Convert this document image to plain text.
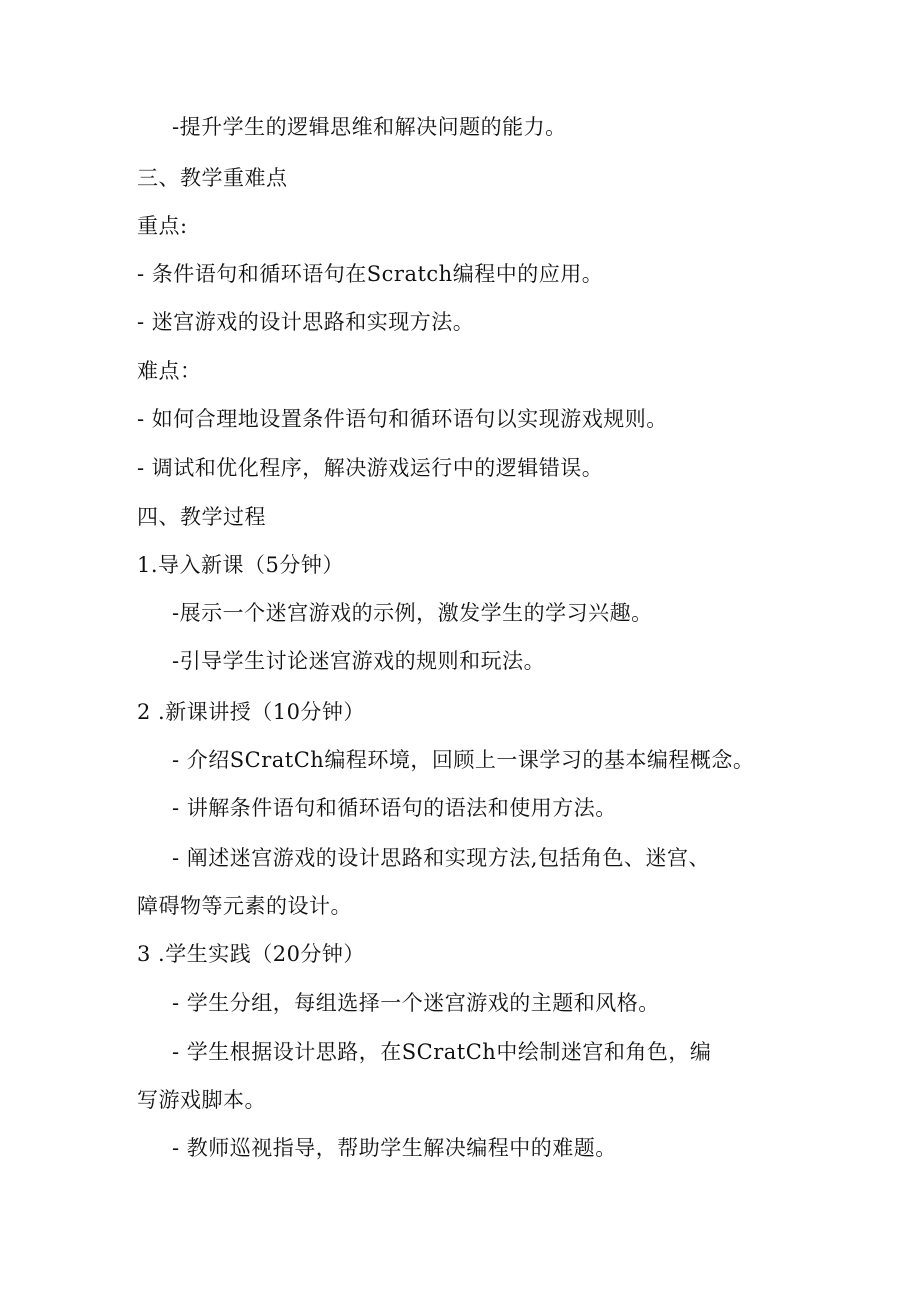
-提升学生的逻辑思维和解决问题的能力。
三、教学重难点
重点:
- 条件语句和循环语句在Scratch编程中的应用。
- 迷宫游戏的设计思路和实现方法。
难点：
- 如何合理地设置条件语句和循环语句以实现游戏规则。
- 调试和优化程序，解决游戏运行中的逻辑错误。
四、教学过程
1.导入新课（5分钟）
-展示一个迷宫游戏的示例，激发学生的学习兴趣。
-引导学生讨论迷宫游戏的规则和玩法。
2 .新课讲授（10分钟）
- 介绍SCratCh编程环境，回顾上一课学习的基本编程概念。
- 讲解条件语句和循环语句的语法和使用方法。
- 阐述迷宫游戏的设计思路和实现方法,包括角色、迷宫、
障碍物等元素的设计。
3 .学生实践（20分钟）
- 学生分组，每组选择一个迷宫游戏的主题和风格。
- 学生根据设计思路，在SCratCh中绘制迷宫和角色，编
写游戏脚本。
- 教师巡视指导，帮助学生解决编程中的难题。
